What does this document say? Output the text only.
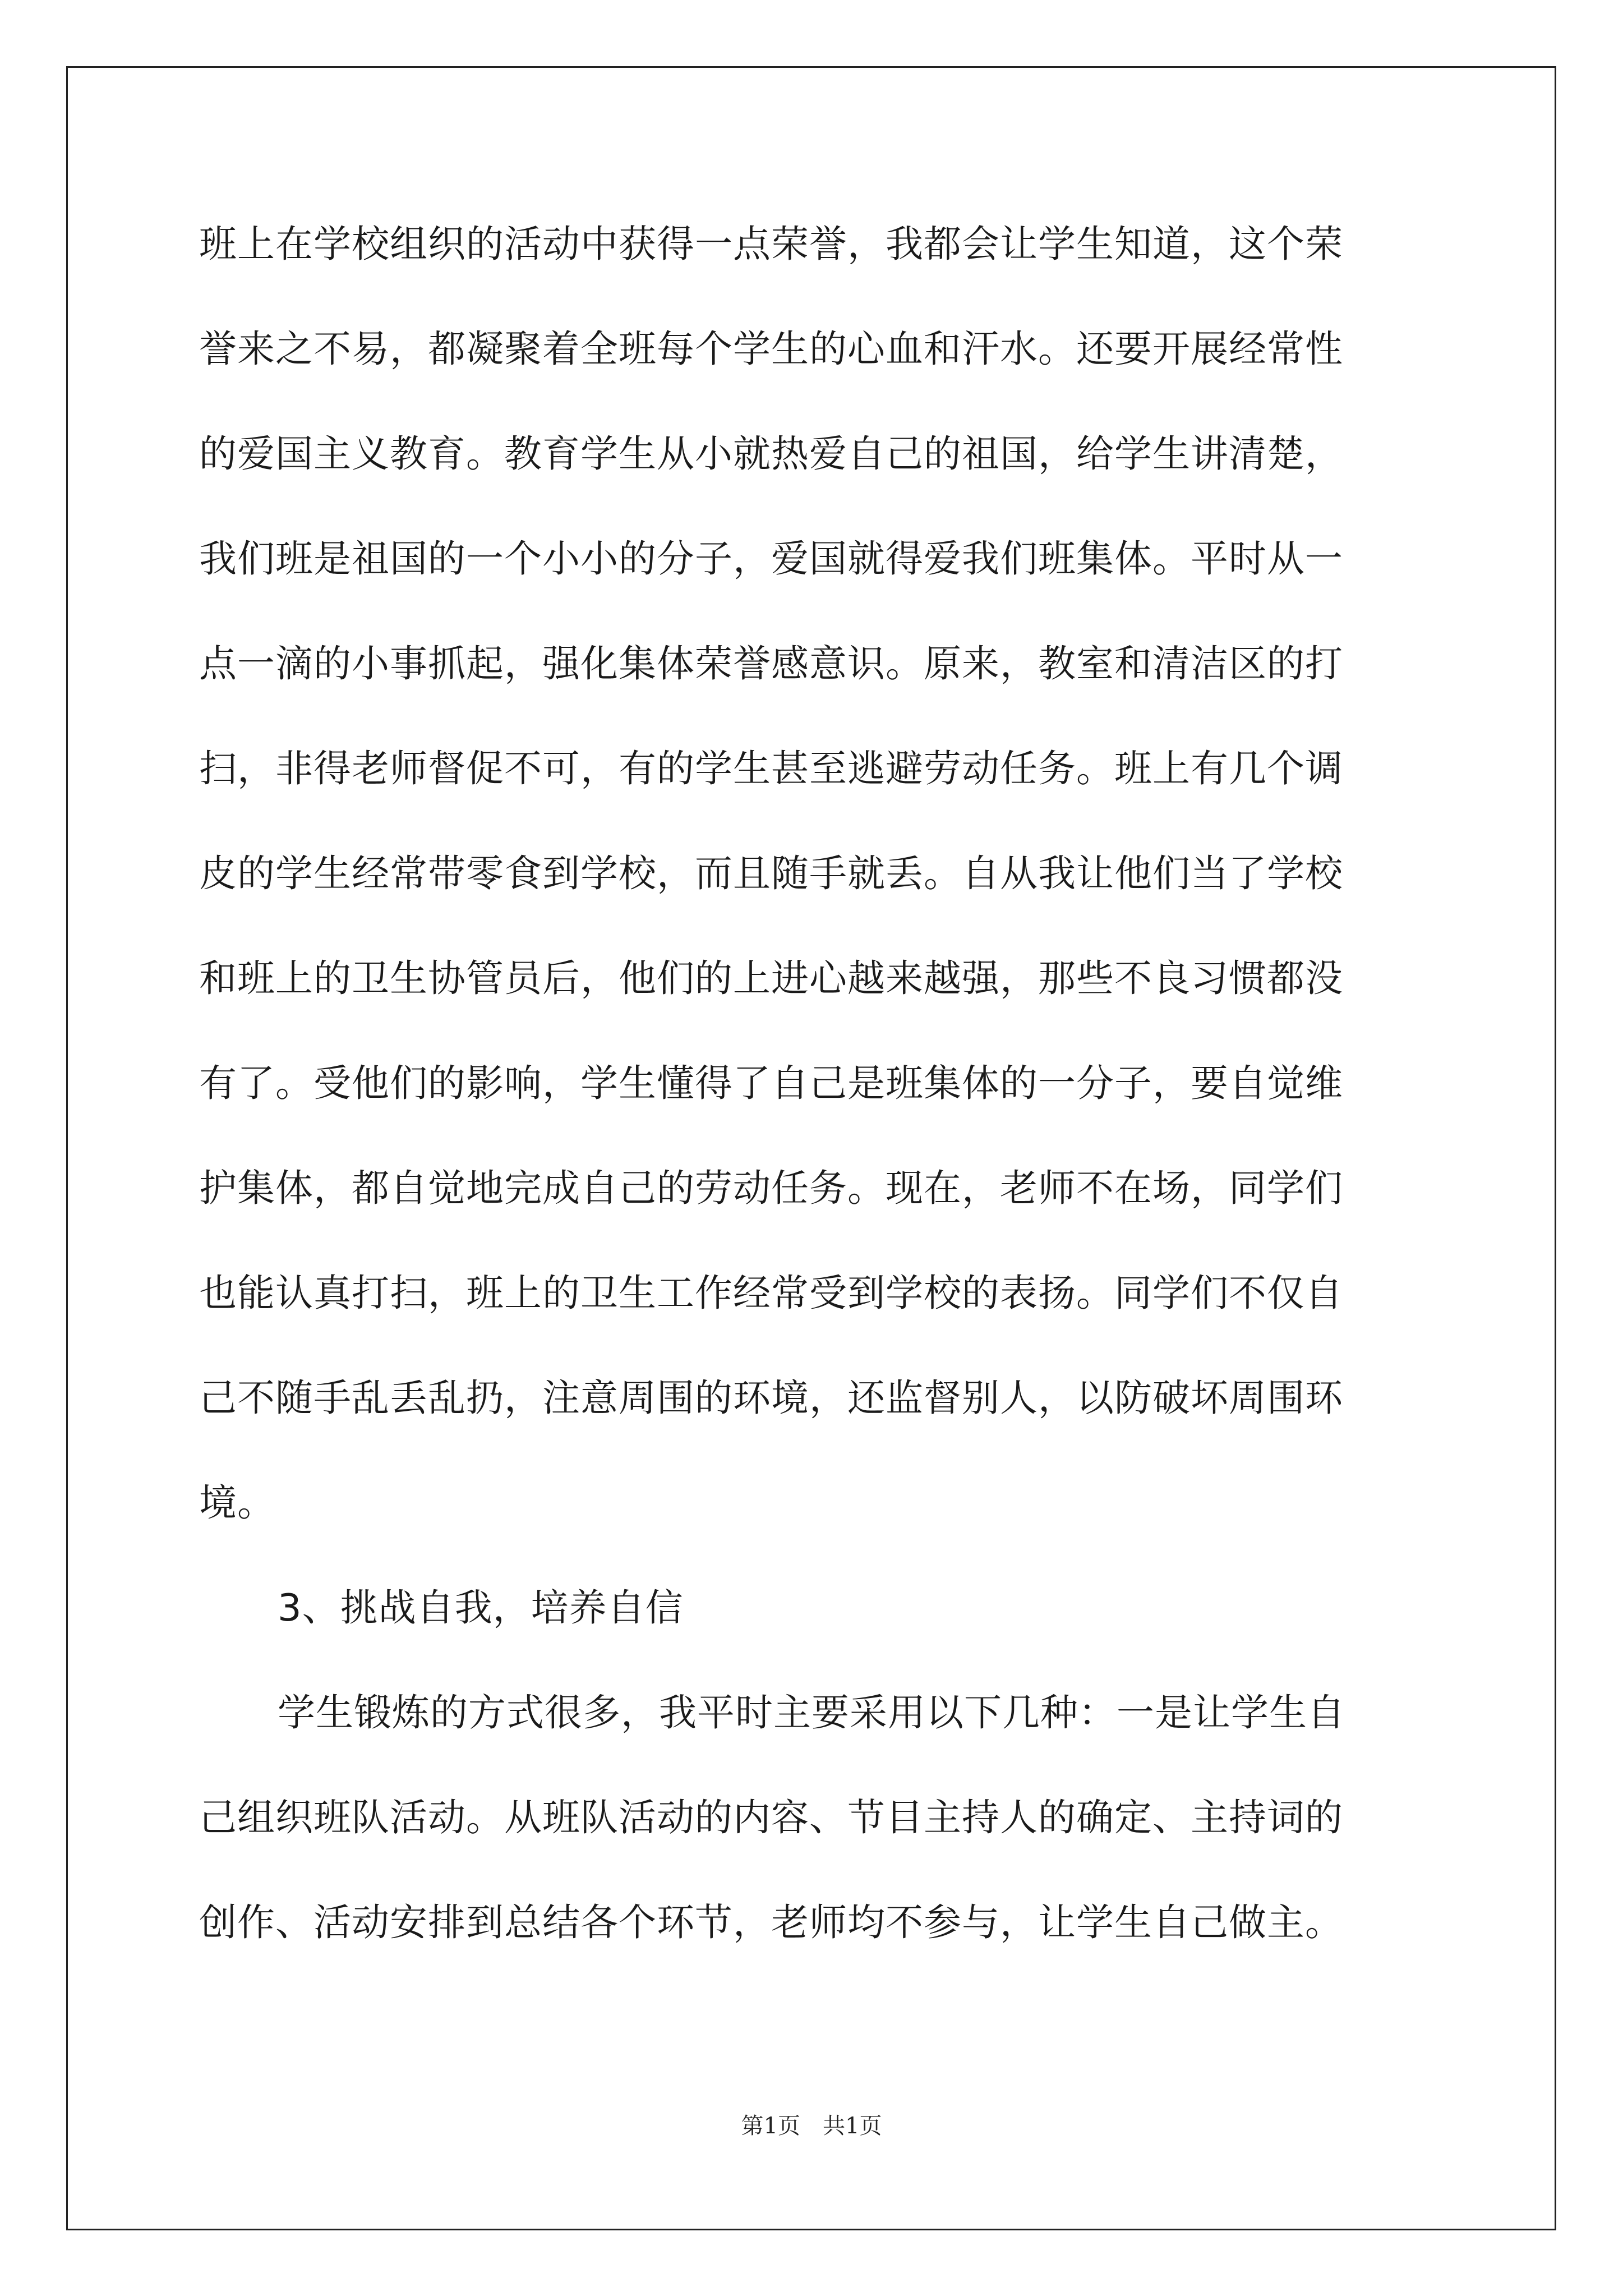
班上在学校组织的活动中获得一点荣誉，我都会让学生知道，这个荣

誉来之不易，都凝聚着全班每个学生的心血和汗水。还要开展经常性

的爱国主义教育。教育学生从小就热爱自己的祖国，给学生讲清楚，

我们班是祖国的一个小小的分子，爱国就得爱我们班集体。平时从一

点一滴的小事抓起，强化集体荣誉感意识。原来，教室和清洁区的打

扫，非得老师督促不可，有的学生甚至逃避劳动任务。班上有几个调

皮的学生经常带零食到学校，而且随手就丢。自从我让他们当了学校

和班上的卫生协管员后，他们的上进心越来越强，那些不良习惯都没

有了。受他们的影响，学生懂得了自己是班集体的一分子，要自觉维

护集体，都自觉地完成自己的劳动任务。现在，老师不在场，同学们

也能认真打扫，班上的卫生工作经常受到学校的表扬。同学们不仅自

己不随手乱丢乱扔，注意周围的环境，还监督别人，以防破坏周围环

境。

3、挑战自我，培养自信

学生锻炼的方式很多，我平时主要采用以下几种：一是让学生自

己组织班队活动。从班队活动的内容、节目主持人的确定、主持词的

创作、活动安排到总结各个环节，老师均不参与，让学生自己做主。

第1页　共1页
